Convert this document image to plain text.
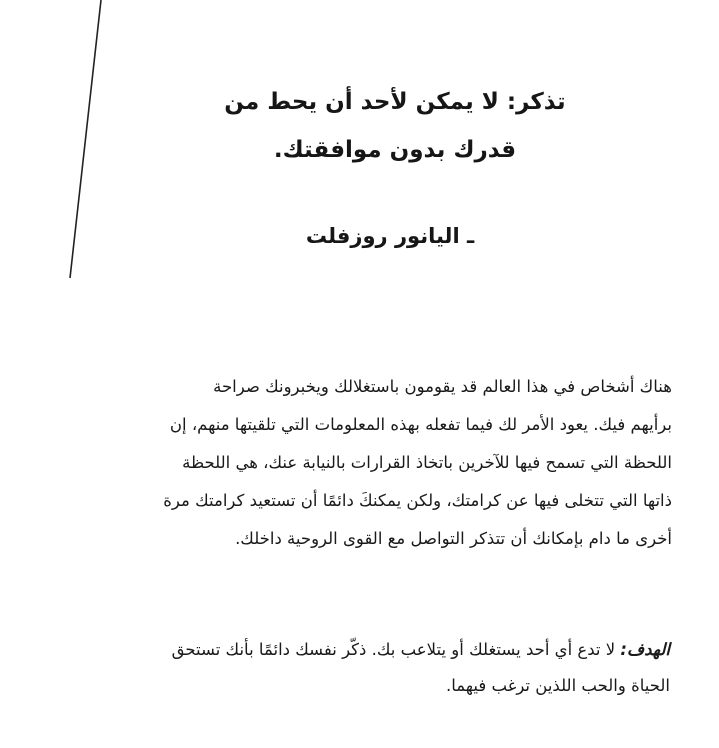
تذكر: لا يمكن لأحد أن يحط من
قدرك بدون موافقتك.
ـ اليانور روزفلت
هناك أشخاص في هذا العالم قد يقومون باستغلالك ويخبرونك صراحة
برأيهم فيك. يعود الأمر لك فيما تفعله بهذه المعلومات التي تلقيتها منهم، إن
اللحظة التي تسمح فيها للآخرين باتخاذ القرارات بالنيابة عنك، هي اللحظة
ذاتها التي تتخلى فيها عن كرامتك، ولكن يمكنكَ دائمًا أن تستعيد كرامتك مرة
أخرى ما دام بإمكانك أن تتذكر التواصل مع القوى الروحية داخلك.
الهدف: لا تدع أي أحد يستغلك أو يتلاعب بك. ذكّر نفسك دائمًا بأنك تستحق
الحياة والحب اللذين ترغب فيهما.
